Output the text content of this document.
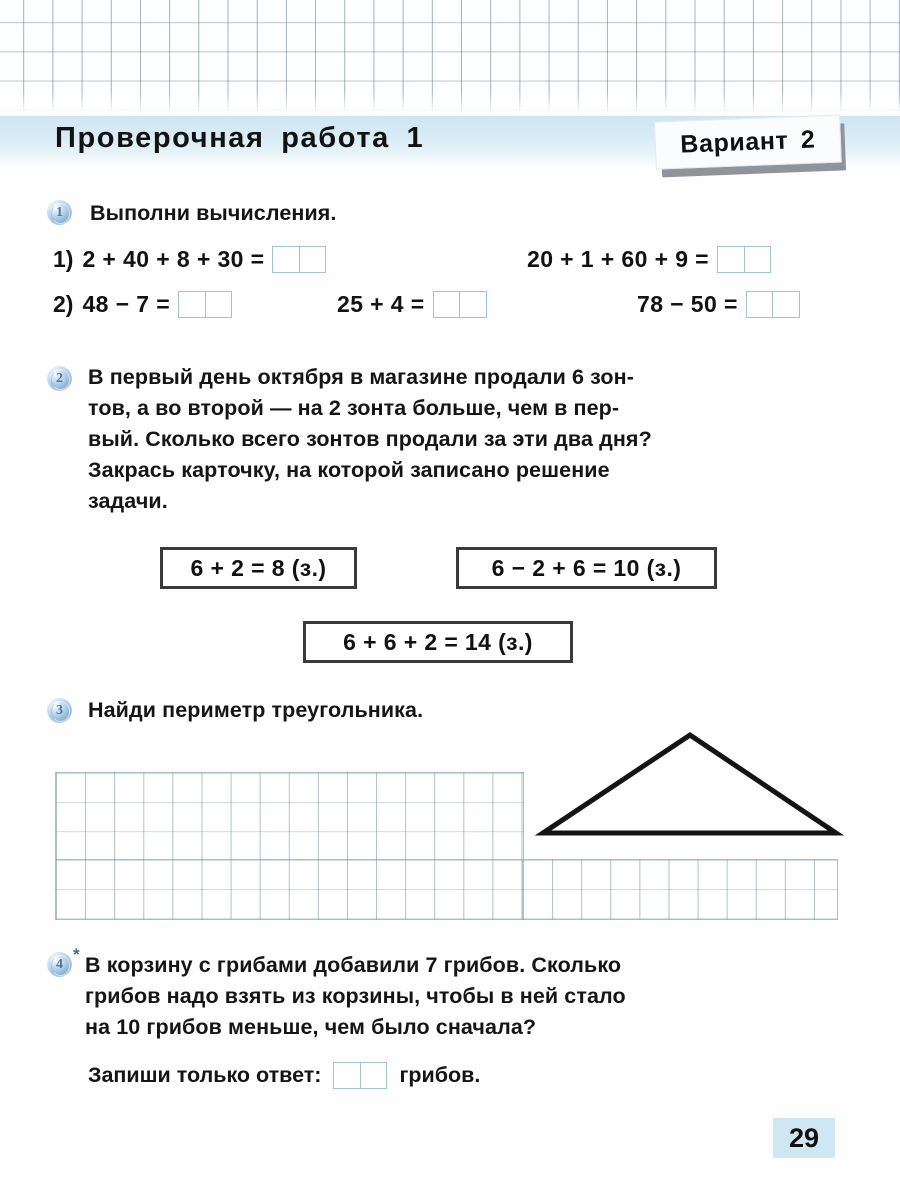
Проверочная работа 1	Вариант 2
1	Выполни вычисления.
1) 2 + 40 + 8 + 30 =	20 + 1 + 60 + 9 =
2) 48 − 7 =	25 + 4 =	78 − 50 =
2	В первый день октября в магазине продали 6 зон-
тов, а во второй — на 2 зонта больше, чем в пер-
вый. Сколько всего зонтов продали за эти два дня?
Закрась карточку, на которой записано решение
задачи.
6 + 2 = 8 (з.)	6 − 2 + 6 = 10 (з.)
6 + 6 + 2 = 14 (з.)
3	Найди периметр треугольника.
4 * В корзину с грибами добавили 7 грибов. Сколько
грибов надо взять из корзины, чтобы в ней стало
на 10 грибов меньше, чем было сначала?
Запиши только ответ:	грибов.
29
